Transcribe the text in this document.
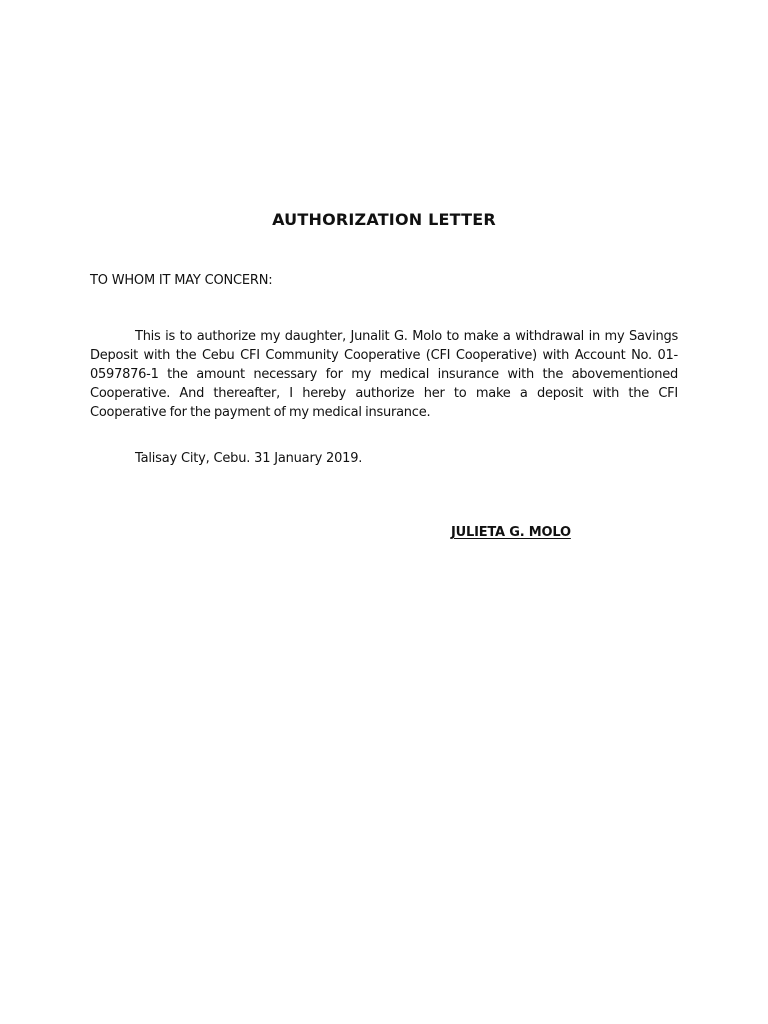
AUTHORIZATION LETTER

TO WHOM IT MAY CONCERN:

This is to authorize my daughter, Junalit G. Molo to make a withdrawal in my Savings Deposit with the Cebu CFI Community Cooperative (CFI Cooperative) with Account No. 01-0597876-1 the amount necessary for my medical insurance with the abovementioned Cooperative. And thereafter, I hereby authorize her to make a deposit with the CFI Cooperative for the payment of my medical insurance.

Talisay City, Cebu. 31 January 2019.

JULIETA G. MOLO
